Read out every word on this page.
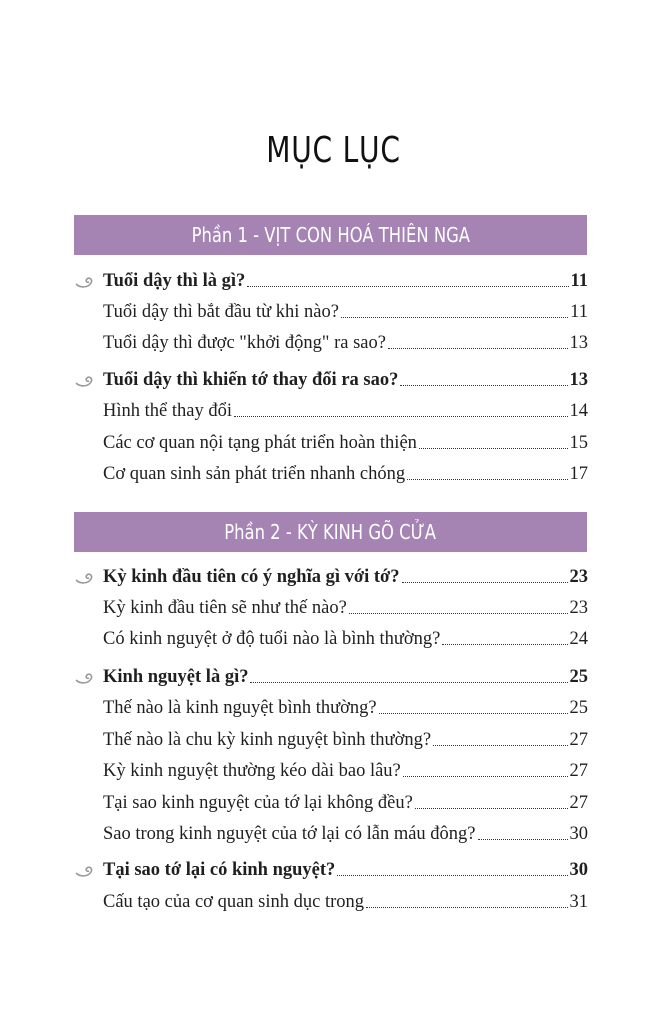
MỤC LỤC
Phần 1 - VỊT CON HOÁ THIÊN NGA
Tuổi dậy thì là gì?	11
Tuổi dậy thì bắt đầu từ khi nào?	11
Tuổi dậy thì được "khởi động" ra sao?	13
Tuổi dậy thì khiến tớ thay đổi ra sao?	13
Hình thể thay đổi	14
Các cơ quan nội tạng phát triển hoàn thiện	15
Cơ quan sinh sản phát triển nhanh chóng	17
Phần 2 - KỲ KINH GÕ CỬA
Kỳ kinh đầu tiên có ý nghĩa gì với tớ?	23
Kỳ kinh đầu tiên sẽ như thế nào?	23
Có kinh nguyệt ở độ tuổi nào là bình thường?	24
Kinh nguyệt là gì?	25
Thế nào là kinh nguyệt bình thường?	25
Thế nào là chu kỳ kinh nguyệt bình thường?	27
Kỳ kinh nguyệt thường kéo dài bao lâu?	27
Tại sao kinh nguyệt của tớ lại không đều?	27
Sao trong kinh nguyệt của tớ lại có lẫn máu đông?	30
Tại sao tớ lại có kinh nguyệt?	30
Cấu tạo của cơ quan sinh dục trong	31
